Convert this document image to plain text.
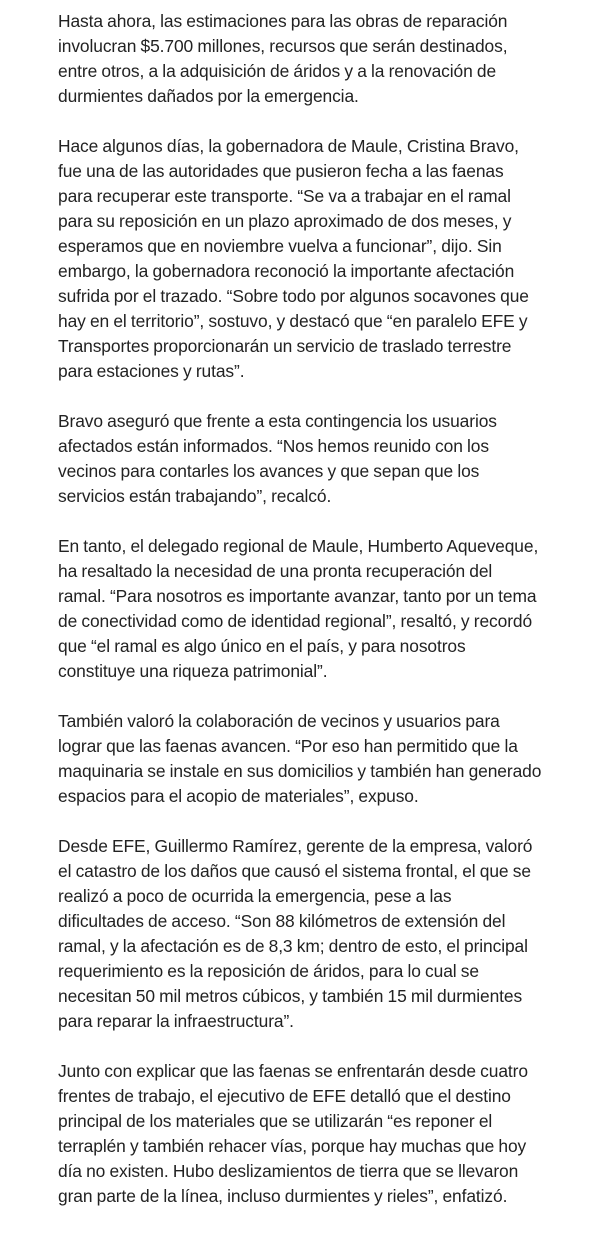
Hasta ahora, las estimaciones para las obras de reparación
involucran $5.700 millones, recursos que serán destinados,
entre otros, a la adquisición de áridos y a la renovación de
durmientes dañados por la emergencia.

Hace algunos días, la gobernadora de Maule, Cristina Bravo,
fue una de las autoridades que pusieron fecha a las faenas
para recuperar este transporte. “Se va a trabajar en el ramal
para su reposición en un plazo aproximado de dos meses, y
esperamos que en noviembre vuelva a funcionar”, dijo. Sin
embargo, la gobernadora reconoció la importante afectación
sufrida por el trazado. “Sobre todo por algunos socavones que
hay en el territorio”, sostuvo, y destacó que “en paralelo EFE y
Transportes proporcionarán un servicio de traslado terrestre
para estaciones y rutas”.

Bravo aseguró que frente a esta contingencia los usuarios
afectados están informados. “Nos hemos reunido con los
vecinos para contarles los avances y que sepan que los
servicios están trabajando”, recalcó.

En tanto, el delegado regional de Maule, Humberto Aqueveque,
ha resaltado la necesidad de una pronta recuperación del
ramal. “Para nosotros es importante avanzar, tanto por un tema
de conectividad como de identidad regional”, resaltó, y recordó
que “el ramal es algo único en el país, y para nosotros
constituye una riqueza patrimonial”.

También valoró la colaboración de vecinos y usuarios para
lograr que las faenas avancen. “Por eso han permitido que la
maquinaria se instale en sus domicilios y también han generado
espacios para el acopio de materiales”, expuso.

Desde EFE, Guillermo Ramírez, gerente de la empresa, valoró
el catastro de los daños que causó el sistema frontal, el que se
realizó a poco de ocurrida la emergencia, pese a las
dificultades de acceso. “Son 88 kilómetros de extensión del
ramal, y la afectación es de 8,3 km; dentro de esto, el principal
requerimiento es la reposición de áridos, para lo cual se
necesitan 50 mil metros cúbicos, y también 15 mil durmientes
para reparar la infraestructura”.

Junto con explicar que las faenas se enfrentarán desde cuatro
frentes de trabajo, el ejecutivo de EFE detalló que el destino
principal de los materiales que se utilizarán “es reponer el
terraplén y también rehacer vías, porque hay muchas que hoy
día no existen. Hubo deslizamientos de tierra que se llevaron
gran parte de la línea, incluso durmientes y rieles”, enfatizó.
